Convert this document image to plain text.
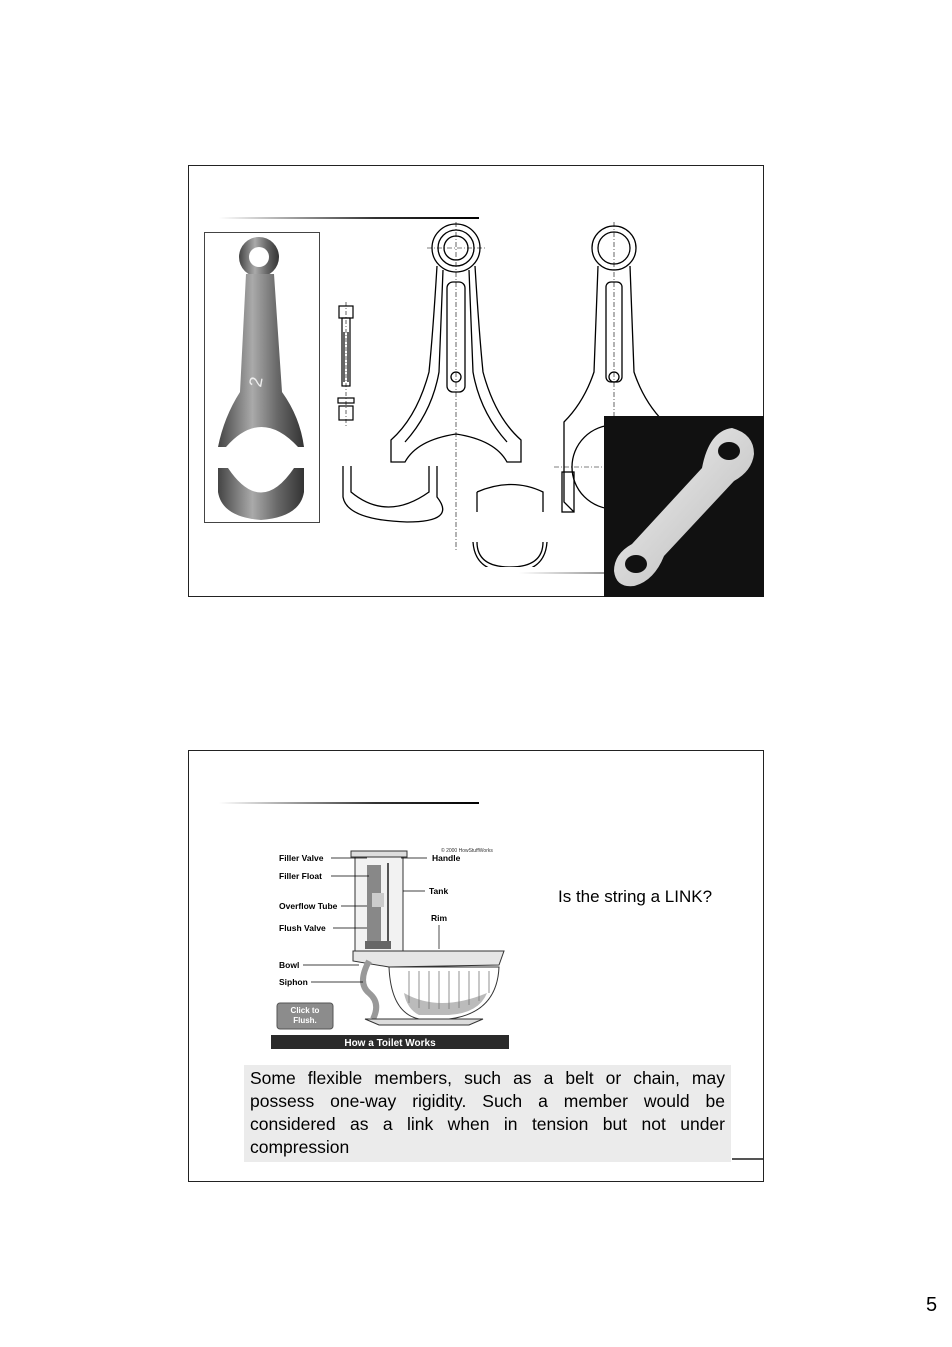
2
© 2000 HowStuffWorks
Filler Valve
Filler Float
Overflow Tube
Flush Valve
Bowl
Siphon
Handle
Tank
Rim
Click to
Flush.
How a Toilet Works
Is the string a LINK?
Some flexible members, such as a belt or chain, may possess one-way rigidity. Such a member would be considered as a link when in tension but not under compression
5
